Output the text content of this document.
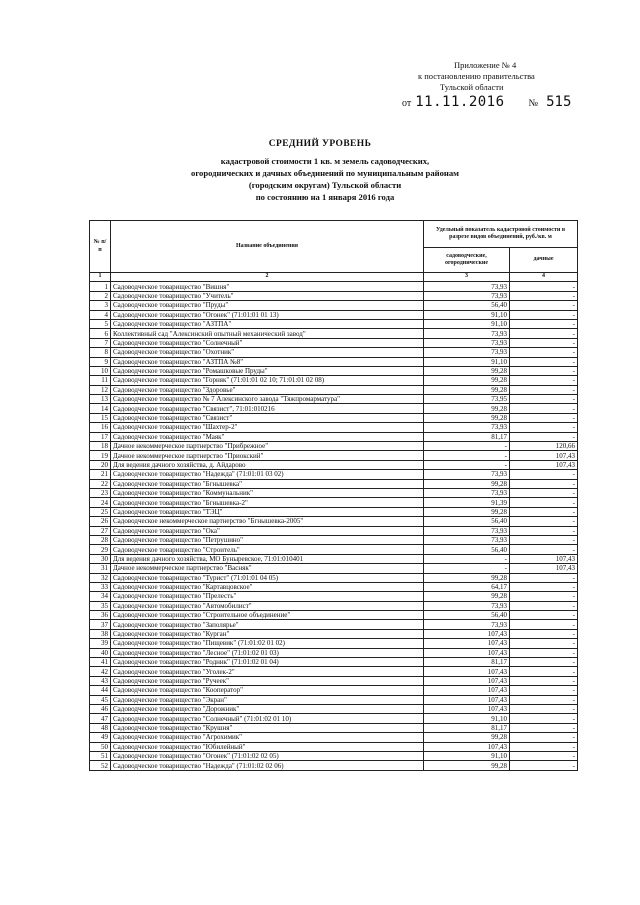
Приложение № 4
к постановлению правительства
Тульской области
от 11.11.2016 № 515
СРЕДНИЙ УРОВЕНЬ
кадастровой стоимости 1 кв. м земель садоводческих,
огороднических и дачных объединений по муниципальным районам
(городским округам) Тульской области
по состоянию на 1 января 2016 года
№ п/п	Название объединения	Удельный показатель кадастровой стоимости в разрезе видов объединений, руб./кв. м	
		садоводческие, огороднические	дачные
1	2	3	4
1	Садоводческое товарищество "Вишня"	73,93	-
2	Садоводческое товарищество "Учитель"	73,93	-
3	Садоводческое товарищество "Пруды"	56,40	-
4	Садоводческое товарищество "Огонек" (71:01:01 01 13)	91,10	-
5	Садоводческое товарищество "АЗТПА"	91,10	-
6	Коллективный сад "Алексинский опытный механический завод"	73,93	-
7	Садоводческое товарищество "Солнечный"	73,93	-
8	Садоводческое товарищество "Охотник"	73,93	-
9	Садоводческое товарищество "АЗТПА №8"	91,10	-
10	Садоводческое товарищество "Ромашковые Пруды"	99,28	-
11	Садоводческое товарищество "Горняк" (71:01:01 02 10; 71:01:01 02 08)	99,28	-
12	Садоводческое товарищество "Здоровье"	99,28	-
13	Садоводческое товарищество № 7 Алексинского завода "Тяжпромарматура"	73,95	-
14	Садоводческое товарищество "Связист", 71:01:010216	99,28	-
15	Садоводческое товарищество "Связист"	99,28	-
16	Садоводческое товарищество "Шахтер-2"	73,93	-
17	Садоводческое товарищество "Маяк"	81,17	-
18	Дачное некоммерческое партнерство "Прибрежное"	-	120,66
19	Дачное некоммерческое партнерство "Приокский"	-	107,43
20	Для ведения дачного хозяйства, д. Айдарово	-	107,43
21	Садоводческое товарищество "Надежда" (71:01:01 03 02)	73,93	-
22	Садоводческое товарищество "Бгнышевка"	99,28	-
23	Садоводческое товарищество "Коммунальник"	73,93	-
24	Садоводческое товарищество "Бгнышевка-2"	91,39	-
25	Садоводческое товарищество "ТЭЦ"	99,28	-
26	Садоводческое некоммерческое партнерство "Бгнышевка-2005"	56,40	-
27	Садоводческое товарищество "Ока"	73,93	-
28	Садоводческое товарищество "Петрушино"	73,93	-
29	Садоводческое товарищество "Строитель"	56,40	-
30	Для ведения дачного хозяйства, МО Буныревское, 71:01:010401	-	107,43
31	Дачное некоммерческое партнерство "Васняк"	-	107,43
32	Садоводческое товарищество "Турист" (71:01:01 04 05)	99,28	-
33	Садоводческое товарищество "Картавцовское"	64,17	-
34	Садоводческое товарищество "Прелесть"	99,28	-
35	Садоводческое товарищество "Автомобилист"	73,93	-
36	Садоводческое товарищество "Строительное объединение"	56,40	-
37	Садоводческое товарищество "Заполярье"	73,93	-
38	Садоводческое товарищество "Курган"	107,43	-
39	Садоводческое товарищество "Пищевик" (71:01:02 01 02)	107,43	-
40	Садоводческое товарищество "Лесное" (71:01:02 01 03)	107,43	-
41	Садоводческое товарищество "Родник" (71:01:02 01 04)	81,17	-
42	Садоводческое товарищество "Уголек-2"	107,43	-
43	Садоводческое товарищество "Ручеек"	107,43	-
44	Садоводческое товарищество "Кооператор"	107,43	-
45	Садоводческое товарищество "Экран"	107,43	-
46	Садоводческое товарищество "Дорожник"	107,43	-
47	Садоводческое товарищество "Солнечный" (71:01:02 01 10)	91,10	-
48	Садоводческое товарищество "Крушня"	81,17	-
49	Садоводческое товарищество "Агрохимик"	99,28	-
50	Садоводческое товарищество "Юбилейный"	107,43	-
51	Садоводческое товарищество "Огонек" (71:01:02 02 05)	91,10	-
52	Садоводческое товарищество "Надежда" (71:01:02 02 06)	99,28	-
